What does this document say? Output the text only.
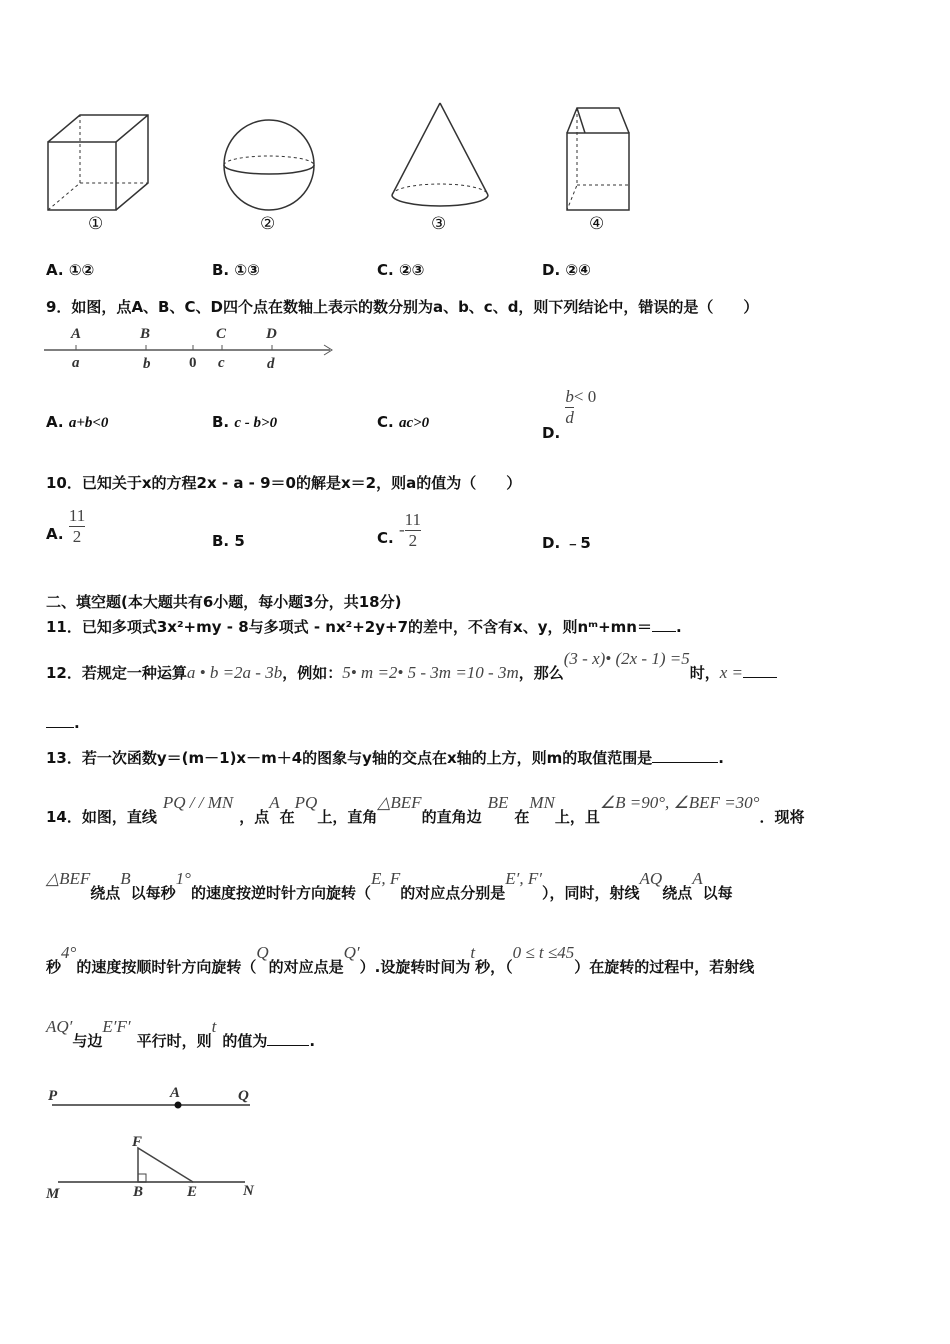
①	②	③	④
A. ①②	B. ①③	C. ②③	D. ②④
9．如图，点A、B、C、D四个点在数轴上表示的数分别为a、b、c、d，则下列结论中，错误的是（　　）
A	B	C	D
a	b	0 c	d
A. a+b<0	B. c - b>0	C. ac>0
D.
$\frac{b}{d} < 0$
10．已知关于x的方程2x - a - 9＝0的解是x＝2，则a的值为（　　）
A. $\frac{11}{2}$	B. 5	C. - $\frac{11}{2}$	D. ﹣5
二、填空题(本大题共有6小题，每小题3分，共18分)
11．已知多项式3x²+my - 8与多项式 - nx²+2y+7的差中，不含有x、y，则nᵐ+mn＝ .
12．若规定一种运算a • b =2a - 3b，例如：5• m =2• 5 - 3m =10 - 3m，那么(3 - x)• (2x - 1) =5时，x =
.
13．若一次函数y＝(m－1)x－m＋4的图象与y轴的交点在x轴的上方，则m的取值范围是	.
14．如图，直线PQ / / MN，点A在PQ上，直角△BEF的直角边BE在MN上，且∠B =90°, ∠BEF =30°．现将
△BEF绕点B以每秒1°的速度按逆时针方向旋转（E, F的对应点分别是E′, F′），同时，射线AQ绕点A以每
秒4°的速度按顺时针方向旋转（Q的对应点是Q′）.设旋转时间为t秒，（0 ≤ t ≤45）在旋转的过程中，若射线
AQ′与边E′F′平行时，则t的值为	.
P	A	Q
F
M	B	E	N
